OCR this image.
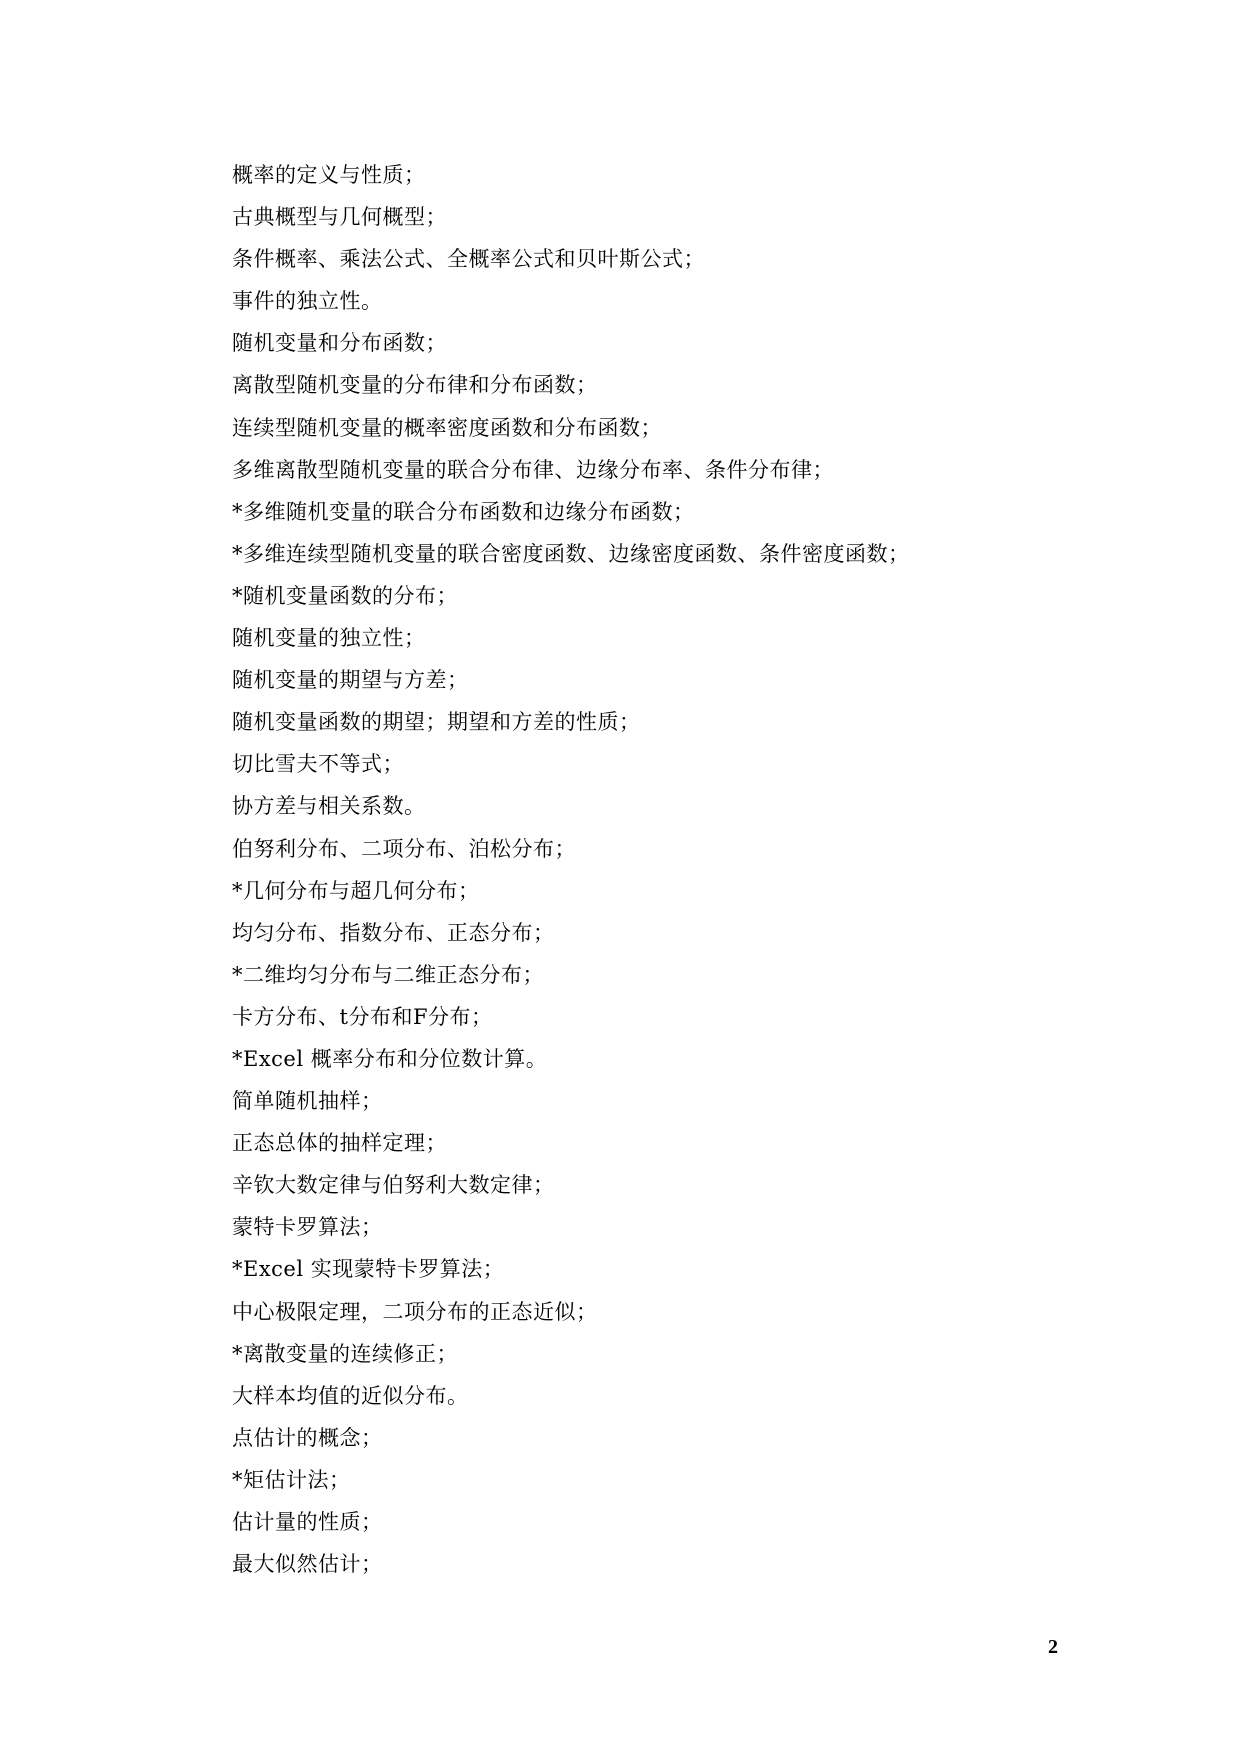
概率的定义与性质；
古典概型与几何概型；
条件概率、乘法公式、全概率公式和贝叶斯公式；
事件的独立性。
随机变量和分布函数；
离散型随机变量的分布律和分布函数；
连续型随机变量的概率密度函数和分布函数；
多维离散型随机变量的联合分布律、边缘分布率、条件分布律；
*多维随机变量的联合分布函数和边缘分布函数；
*多维连续型随机变量的联合密度函数、边缘密度函数、条件密度函数；
*随机变量函数的分布；
随机变量的独立性；
随机变量的期望与方差；
随机变量函数的期望；期望和方差的性质；
切比雪夫不等式；
协方差与相关系数。
伯努利分布、二项分布、泊松分布；
*几何分布与超几何分布；
均匀分布、指数分布、正态分布；
*二维均匀分布与二维正态分布；
卡方分布、t分布和F分布；
*Excel 概率分布和分位数计算。
简单随机抽样；
正态总体的抽样定理；
辛钦大数定律与伯努利大数定律；
蒙特卡罗算法；
*Excel 实现蒙特卡罗算法；
中心极限定理，二项分布的正态近似；
*离散变量的连续修正；
大样本均值的近似分布。
点估计的概念；
*矩估计法；
估计量的性质；
最大似然估计；
2
